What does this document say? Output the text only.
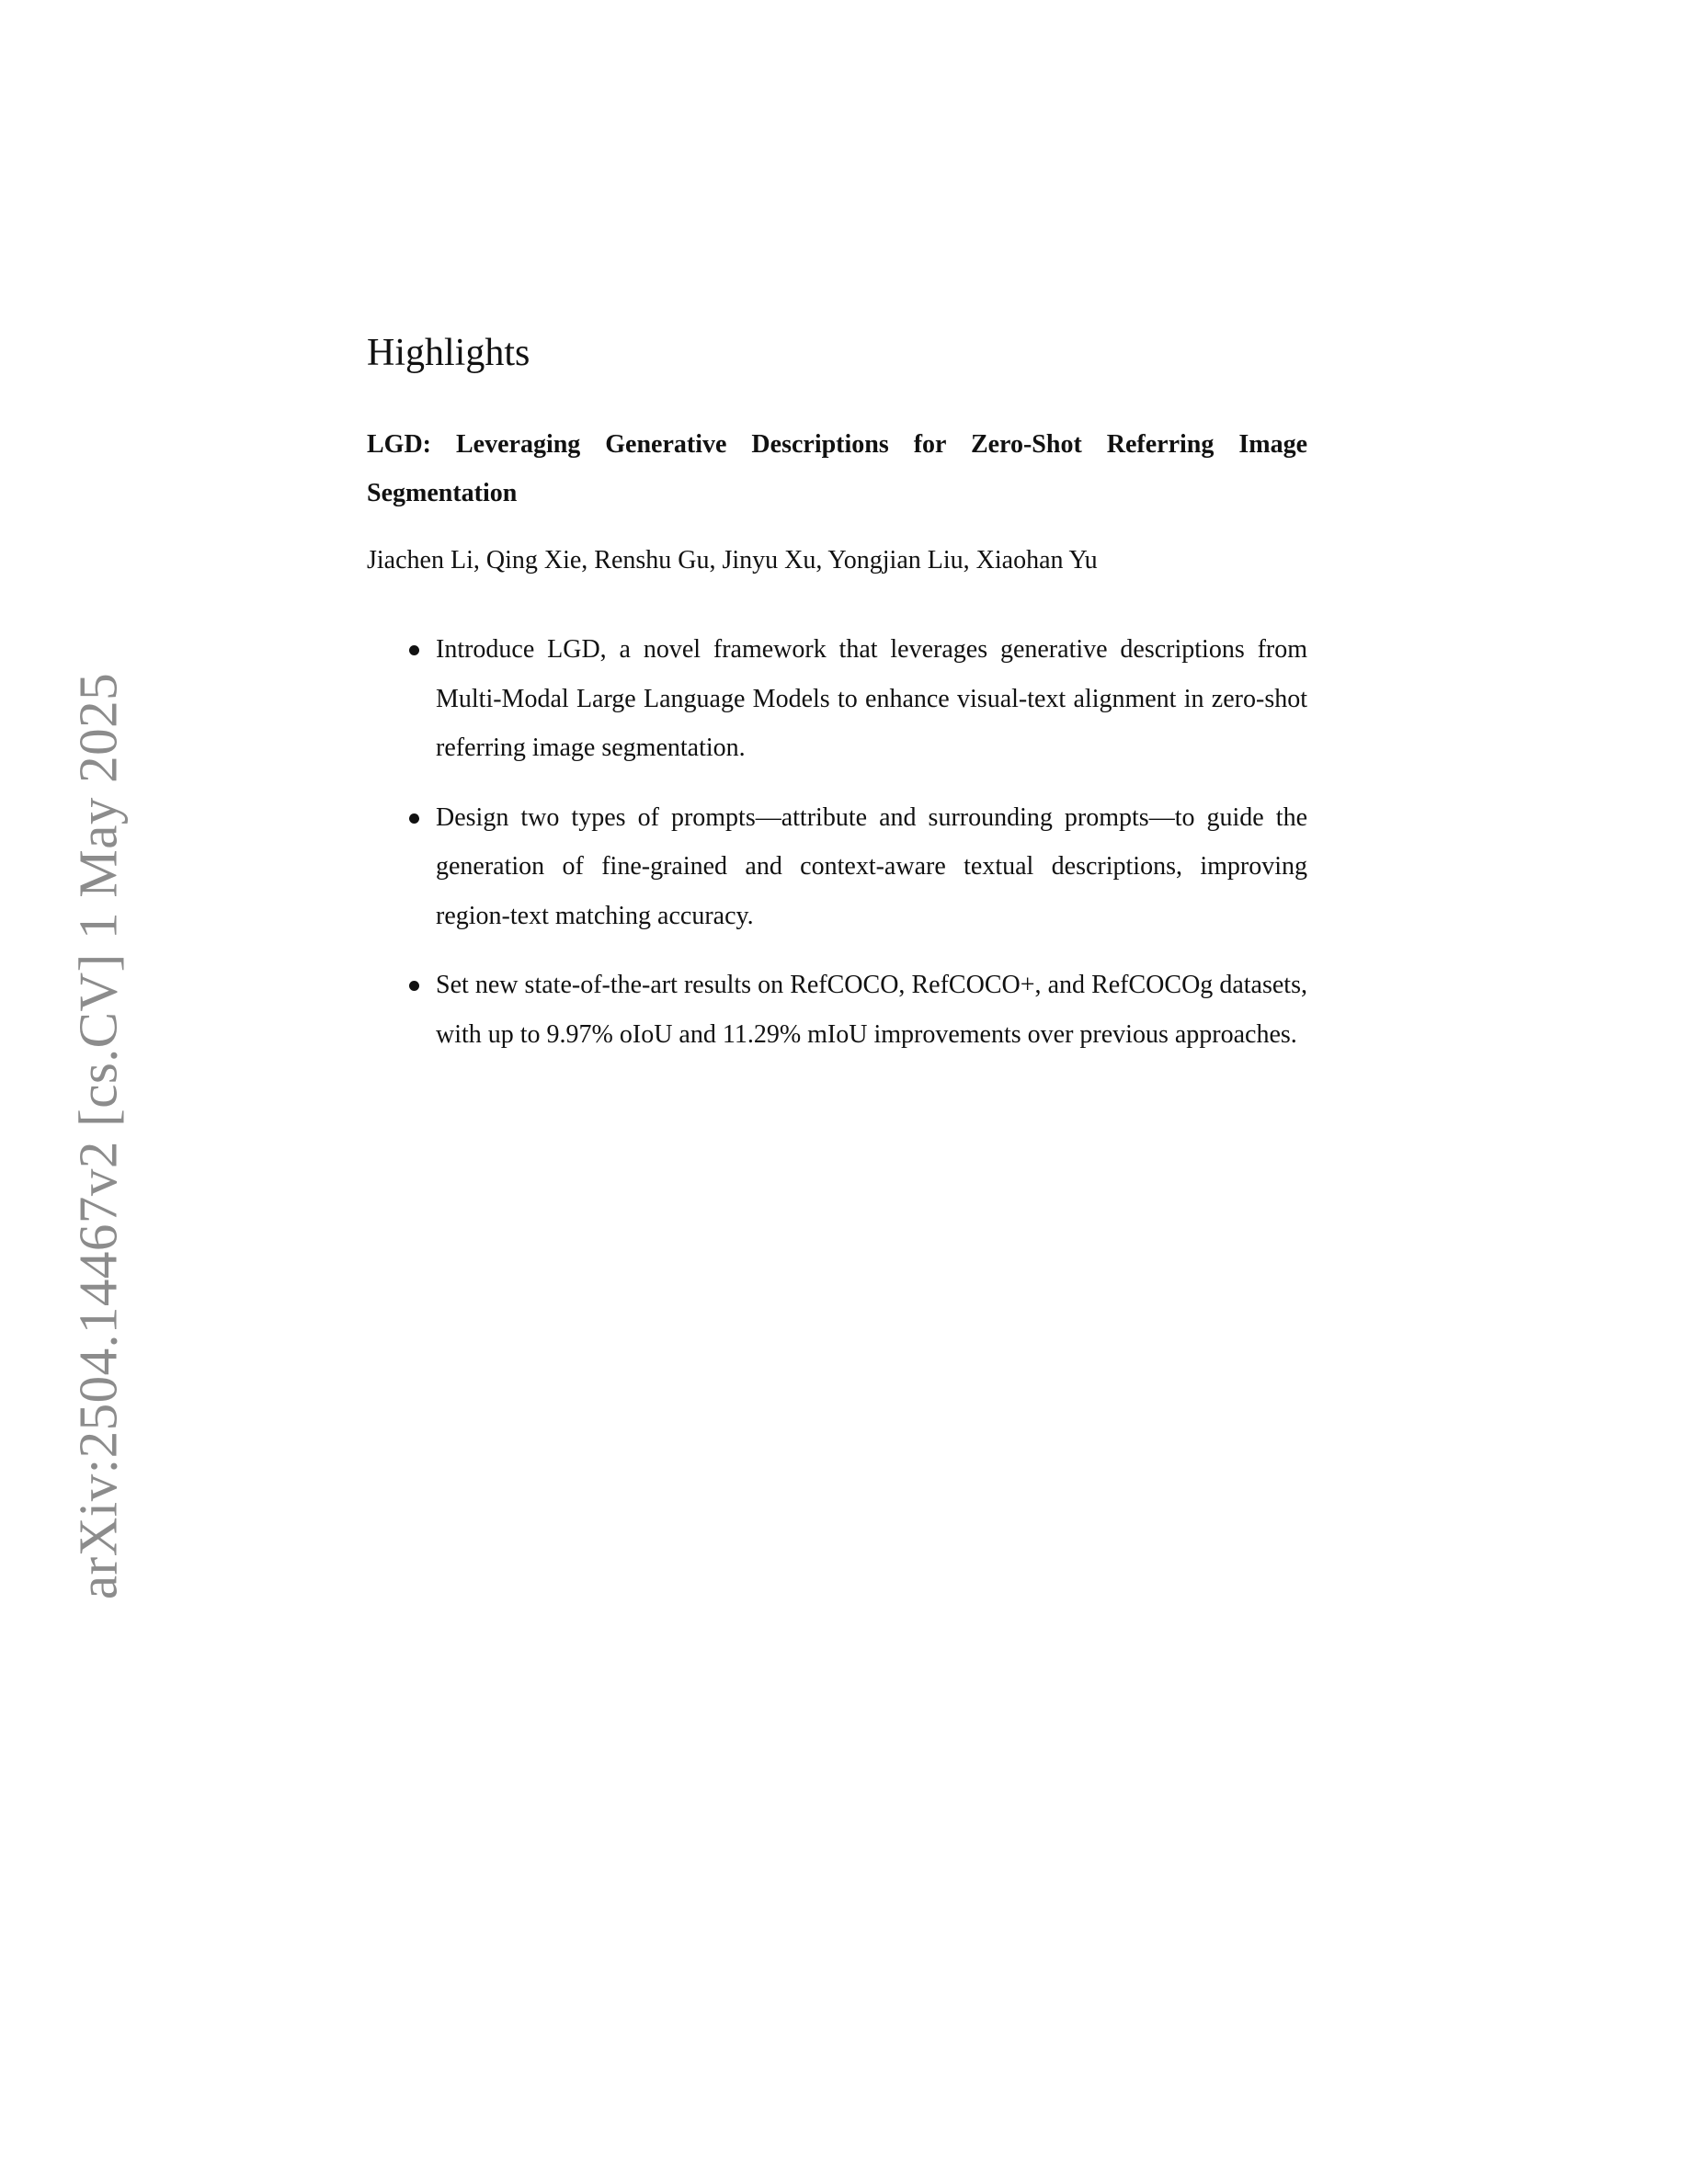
arXiv:2504.14467v2 [cs.CV] 1 May 2025
Highlights
LGD: Leveraging Generative Descriptions for Zero-Shot Referring Image Segmentation
Jiachen Li, Qing Xie, Renshu Gu, Jinyu Xu, Yongjian Liu, Xiaohan Yu
Introduce LGD, a novel framework that leverages generative descriptions from Multi-Modal Large Language Models to enhance visual-text alignment in zero-shot referring image segmentation.
Design two types of prompts—attribute and surrounding prompts—to guide the generation of fine-grained and context-aware textual descriptions, improving region-text matching accuracy.
Set new state-of-the-art results on RefCOCO, RefCOCO+, and RefCOCOg datasets, with up to 9.97% oIoU and 11.29% mIoU improvements over previous approaches.
